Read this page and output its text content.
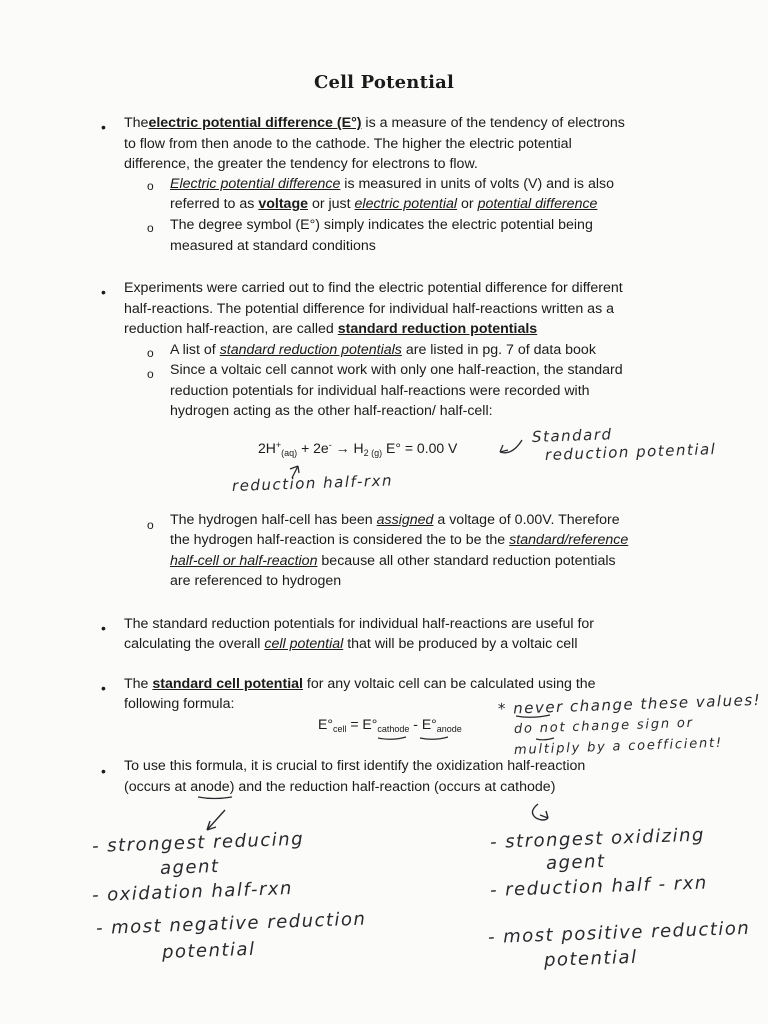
Cell Potential
• Theelectric potential difference (E°) is a measure of the tendency of electrons
to flow from then anode to the cathode. The higher the electric potential
difference, the greater the tendency for electrons to flow.
o Electric potential difference is measured in units of volts (V) and is also
referred to as voltage or just electric potential or potential difference
o The degree symbol (E°) simply indicates the electric potential being
measured at standard conditions
• Experiments were carried out to find the electric potential difference for different
half-reactions. The potential difference for individual half-reactions written as a
reduction half-reaction, are called standard reduction potentials
o A list of standard reduction potentials are listed in pg. 7 of data book
o Since a voltaic cell cannot work with only one half-reaction, the standard
reduction potentials for individual half-reactions were recorded with
hydrogen acting as the other half-reaction/ half-cell:
$2H^+_{(aq)} + 2e^- \to H_{2 (g)}$ E° = 0.00 V
o The hydrogen half-cell has been assigned a voltage of 0.00V. Therefore
the hydrogen half-reaction is considered the to be the standard/reference
half-cell or half-reaction because all other standard reduction potentials
are referenced to hydrogen
• The standard reduction potentials for individual half-reactions are useful for
calculating the overall cell potential that will be produced by a voltaic cell
• The standard cell potential for any voltaic cell can be calculated using the
following formula:
$E^\circ_{cell} = E^\circ_{cathode} - E^\circ_{anode}$
• To use this formula, it is crucial to first identify the oxidization half-reaction
(occurs at anode) and the reduction half-reaction (occurs at cathode)
Standard
reduction potential
reduction half-rxn
* never change these values!
do not change sign or
multiply by a coefficient!
- strongest reducing
agent
- oxidation half-rxn
- most negative reduction
potential
- strongest oxidizing
agent
- reduction half - rxn
- most positive reduction
potential
